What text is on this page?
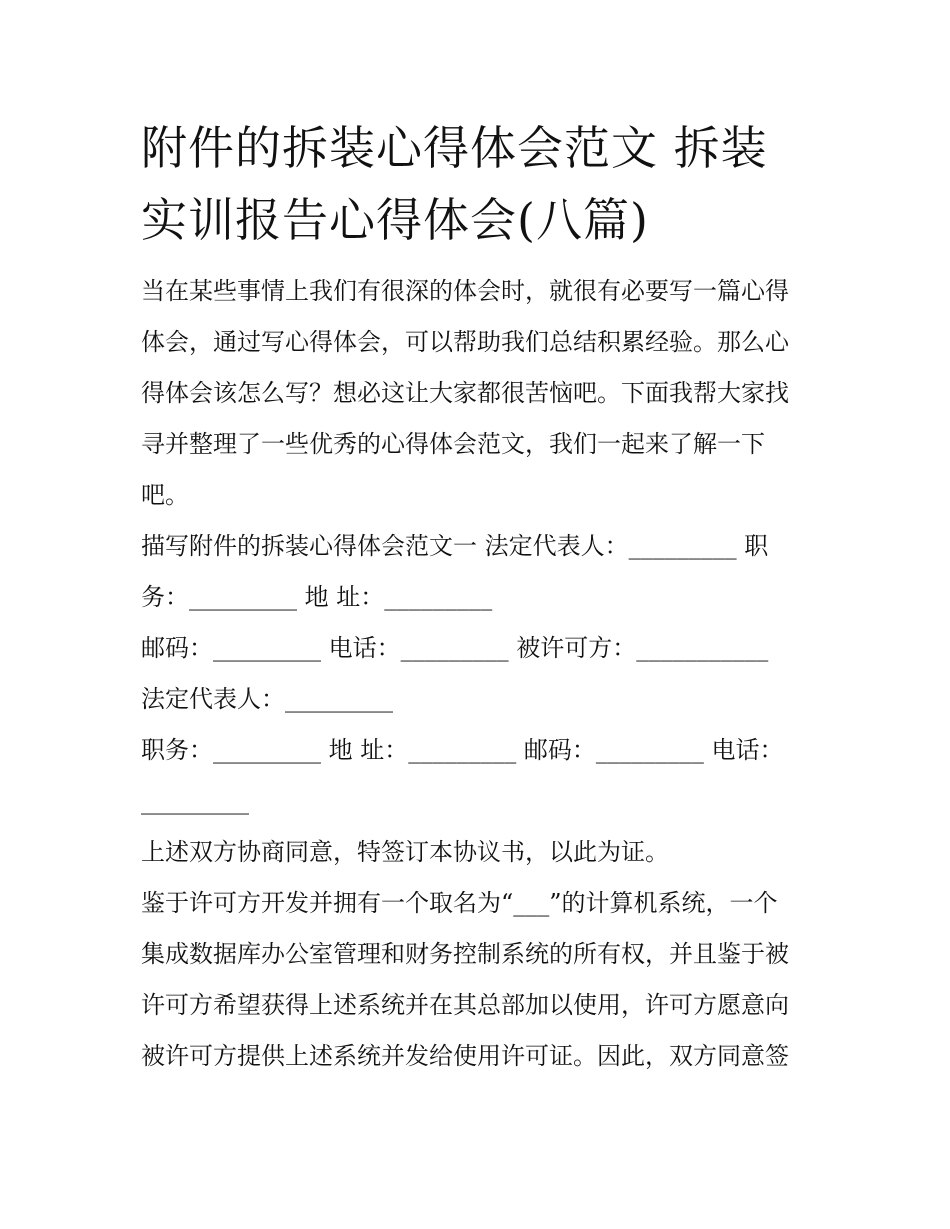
附件的拆装心得体会范文 拆装
实训报告心得体会(八篇)
当在某些事情上我们有很深的体会时，就很有必要写一篇心得
体会，通过写心得体会，可以帮助我们总结积累经验。那么心
得体会该怎么写？想必这让大家都很苦恼吧。下面我帮大家找
寻并整理了一些优秀的心得体会范文，我们一起来了解一下
吧。
描写附件的拆装心得体会范文一 法定代表人：_________ 职
务：_________ 地 址：_________
邮码：_________ 电话：_________ 被许可方：___________
法定代表人：_________
职务：_________ 地 址：_________ 邮码：_________ 电话：
_________
上述双方协商同意，特签订本协议书，以此为证。
鉴于许可方开发并拥有一个取名为“___”的计算机系统，一个
集成数据库办公室管理和财务控制系统的所有权，并且鉴于被
许可方希望获得上述系统并在其总部加以使用，许可方愿意向
被许可方提供上述系统并发给使用许可证。因此，双方同意签
